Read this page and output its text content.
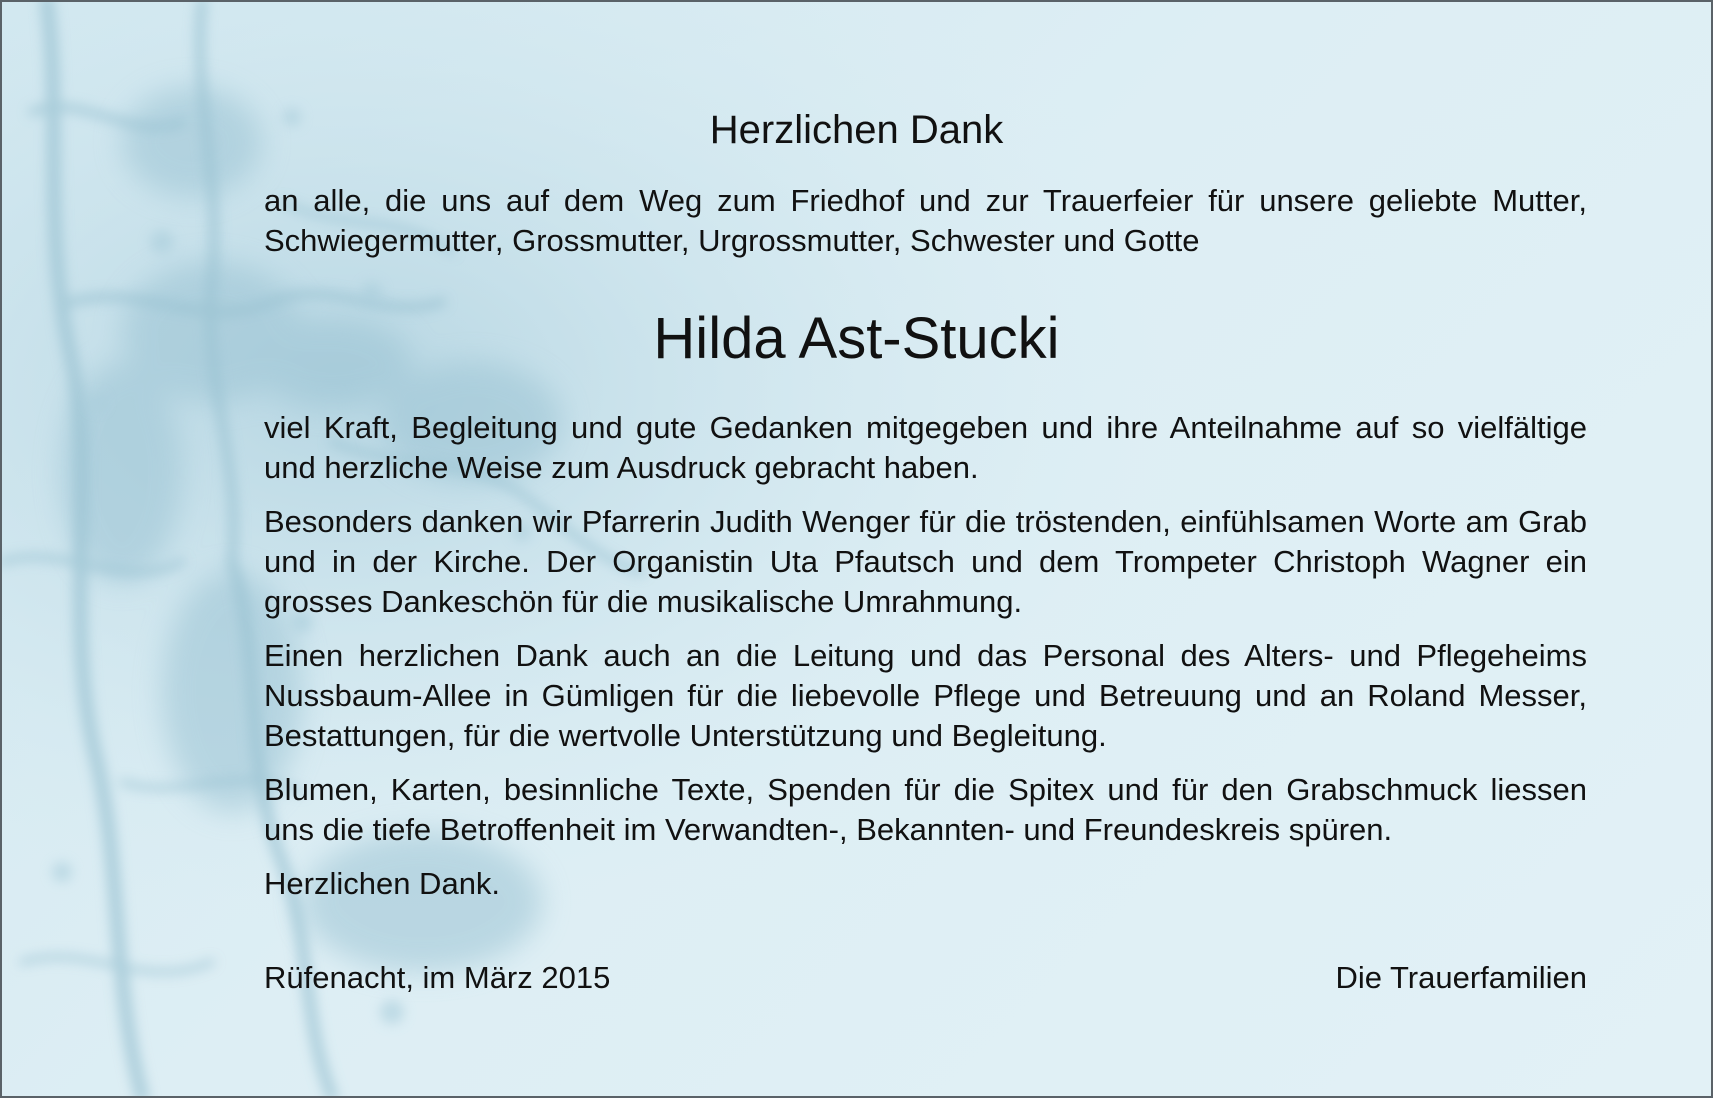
Herzlichen Dank

an alle, die uns auf dem Weg zum Friedhof und zur Trauerfeier für unsere geliebte Mutter, Schwiegermutter, Grossmutter, Urgrossmutter, Schwester und Gotte

Hilda Ast-Stucki

viel Kraft, Begleitung und gute Gedanken mitgegeben und ihre Anteilnahme auf so vielfältige und herzliche Weise zum Ausdruck gebracht haben.

Besonders danken wir Pfarrerin Judith Wenger für die tröstenden, einfühlsamen Worte am Grab und in der Kirche. Der Organistin Uta Pfautsch und dem Trompeter Christoph Wagner ein grosses Dankeschön für die musikalische Umrahmung.

Einen herzlichen Dank auch an die Leitung und das Personal des Alters- und Pflegeheims Nussbaum-Allee in Gümligen für die liebevolle Pflege und Betreuung und an Roland Messer, Bestattungen, für die wertvolle Unterstützung und Begleitung.

Blumen, Karten, besinnliche Texte, Spenden für die Spitex und für den Grabschmuck liessen uns die tiefe Betroffenheit im Verwandten-, Bekannten- und Freundeskreis spüren.

Herzlichen Dank.

Rüfenacht, im März 2015	Die Trauerfamilien
